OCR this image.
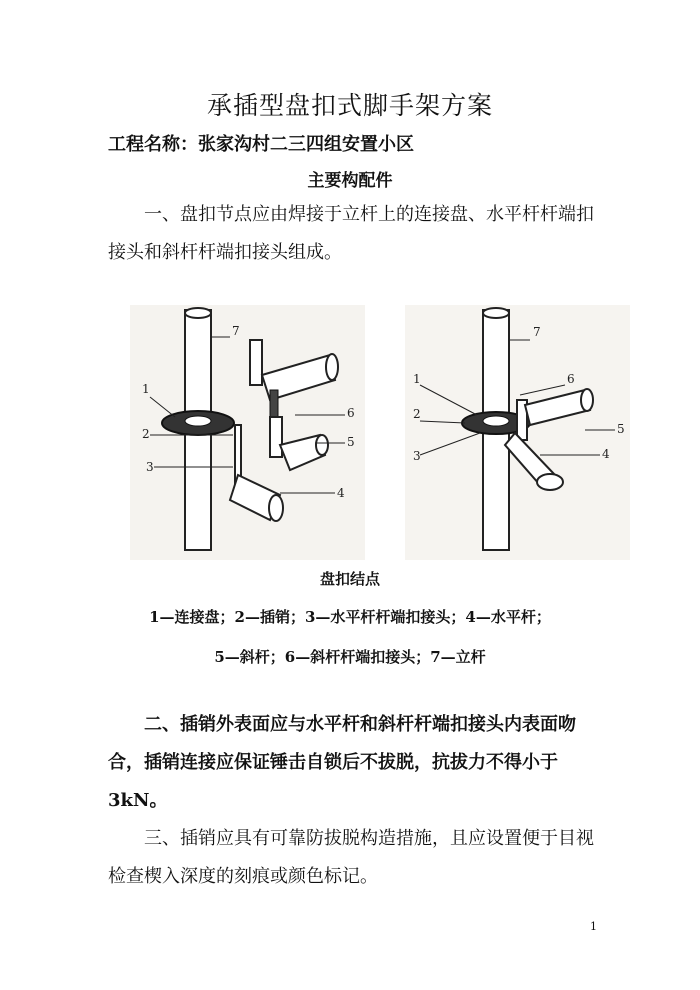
承插型盘扣式脚手架方案
工程名称：张家沟村二三四组安置小区
主要构配件
一、盘扣节点应由焊接于立杆上的连接盘、水平杆杆端扣接头和斜杆杆端扣接头组成。
7
1
2
3
4
6
5
7
1
2
3	4
6
5
盘扣结点
1—连接盘；2—插销；3—水平杆杆端扣接头；4—水平杆；
5—斜杆；6—斜杆杆端扣接头；7—立杆
二、插销外表面应与水平杆和斜杆杆端扣接头内表面吻合，插销连接应保证锤击自锁后不拔脱，抗拔力不得小于3kN。
三、插销应具有可靠防拔脱构造措施，且应设置便于目视检查楔入深度的刻痕或颜色标记。
1
